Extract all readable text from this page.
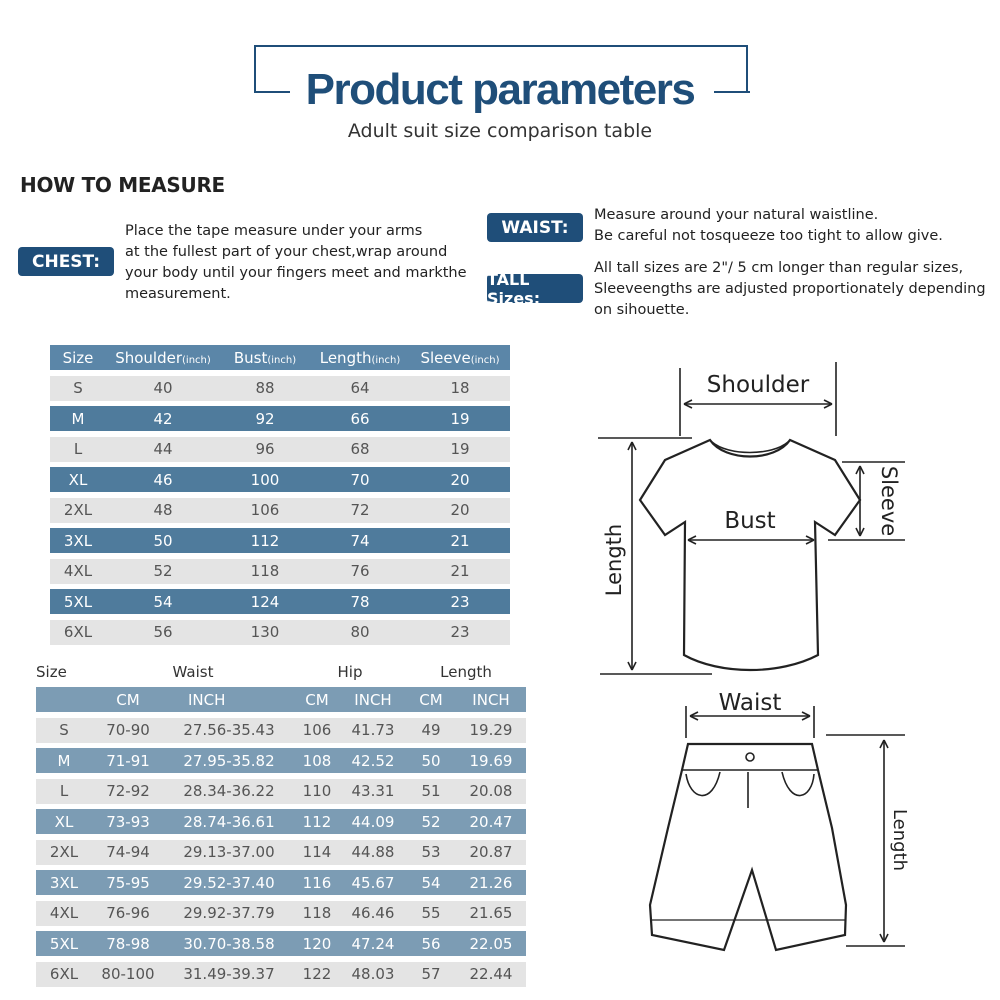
Product parameters
Adult suit size comparison table
HOW TO MEASURE
CHEST:
Place the tape measure under your arms
at the fullest part of your chest,wrap around
your body until your fingers meet and markthe
measurement.
WAIST:
Measure around your natural waistline.
Be careful not tosqueeze too tight to allow give.
TALL Sizes:
All tall sizes are 2"/ 5 cm longer than regular sizes,
Sleeveengths are adjusted proportionately depending
on sihouette.
Size	Shoulder(inch)	Bust(inch)	Length(inch)	Sleeve(inch)
S	40	88	64	18
M	42	92	66	19
L	44	96	68	19
XL	46	100	70	20
2XL	48	106	72	20
3XL	50	112	74	21
4XL	52	118	76	21
5XL	54	124	78	23
6XL	56	130	80	23
Size	Waist	Hip	Length
CM	INCH	CM	INCH	CM	INCH
S	70-90	27.56-35.43	106	41.73	49	19.29
M	71-91	27.95-35.82	108	42.52	50	19.69
L	72-92	28.34-36.22	110	43.31	51	20.08
XL	73-93	28.74-36.61	112	44.09	52	20.47
2XL	74-94	29.13-37.00	114	44.88	53	20.87
3XL	75-95	29.52-37.40	116	45.67	54	21.26
4XL	76-96	29.92-37.79	118	46.46	55	21.65
5XL	78-98	30.70-38.58	120	47.24	56	22.05
6XL	80-100	31.49-39.37	122	48.03	57	22.44
Shoulder
Bust
Waist
Length
Sleeve
Length
